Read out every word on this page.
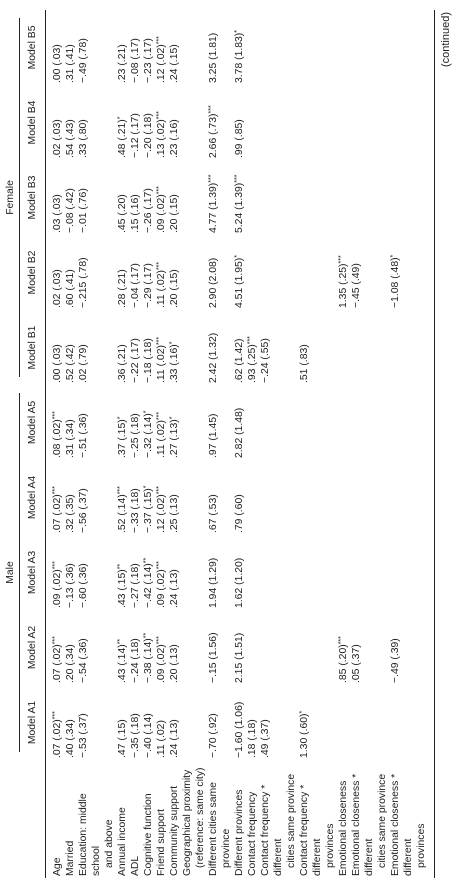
	Male					Female				

	Model A1	Model A2	Model A3	Model A4	Model A5	Model B1	Model B2	Model B3	Model B4	Model B5
Age	.07 (.02)***	.07 (.02)***	.09 (.02)***	.07 (.02)***	.08 (.02)***	.00 (.03)	.02 (.03)	.03 (.03)	.02 (.03)	.00 (.03)
Married	.40 (.34)	.20 (.34)	−.13 (.36)	.32 (.35)	.31 (.34)	.52 (.42)	.60 (.41)	−.08 (.42)	.54 (.43)	.31 (.41)
Education: middle school and above	−.53 (.37)	−.54 (.36)	−.60 (.36)	−.56 (.37)	−.51 (.36)	.02 (.79)	−.215 (.78)	−.01 (.76)	.33 (.80)	−.49 (.78)
Annual income	.47 (.15)	.43 (.14)**	.43 (.15)**	.52 (.14)***	.37 (.15)*	.36 (.21)	.28 (.21)	.45 (.20)	.48 (.21)*	.23 (.21)
ADL	−.35 (.18)	−.24 (.18)	−.27 (.18)	−.33 (.18)	−.25 (.18)	−.22 (.17)	−.04 (.17)	.15 (.16)	−.12 (.17)	−.08 (.17)
Cognitive function	−.40 (.14)	−.38 (.14)**	−.42 (.14)**	−.37 (.15)*	−.32 (.14)*	−.18 (.18)	−.29 (.17)	−.26 (.17)	−.20 (.18)	−.23 (.17)
Friend support	.11 (.02)	.09 (.02)***	.09 (.02)***	.12 (.02)***	.11 (.02)***	.11 (.02)***	.11 (.02)***	.09 (.02)***	.13 (.02)***	.12 (.02)***
Community support	.24 (.13)	.20 (.13)	.24 (.13)	.25 (.13)	.27 (.13)*	.33 (.16)*	.20 (.15)	.20 (.15)	.23 (.16)	.24 (.15)
Geographical proximity (reference: same city)										

Different cities same province	−.70 (.92)	−.15 (1.56)	1.94 (1.29)	.67 (.53)	.97 (1.45)	2.42 (1.32)	2.90 (2.08)	4.77 (1.39)***	2.66 (.73)***	3.25 (1.81)
Different provinces	−1.60 (1.06)	2.15 (1.51)	1.62 (1.20)	.79 (.60)	2.82 (1.48)	.62 (1.42)	4.51 (1.95)*	5.24 (1.39)***	.99 (.85)	3.78 (1.83)*
Contact frequency	.18 (.18)					.93 (.25)***				
Contact frequency * different cities same province	.49 (.37)					−.24 (.55)				
Contact frequency * different provinces	1.30 (.60)*					.51 (.83)				
Emotional closeness		.85 (.20)***					1.35 (.25)***			
Emotional closeness * different cities same province		.05 (.37)					−.45 (.49)			
Emotional closeness * different provinces		−.49 (.39)					−1.08 (.48)*			
(continued)
